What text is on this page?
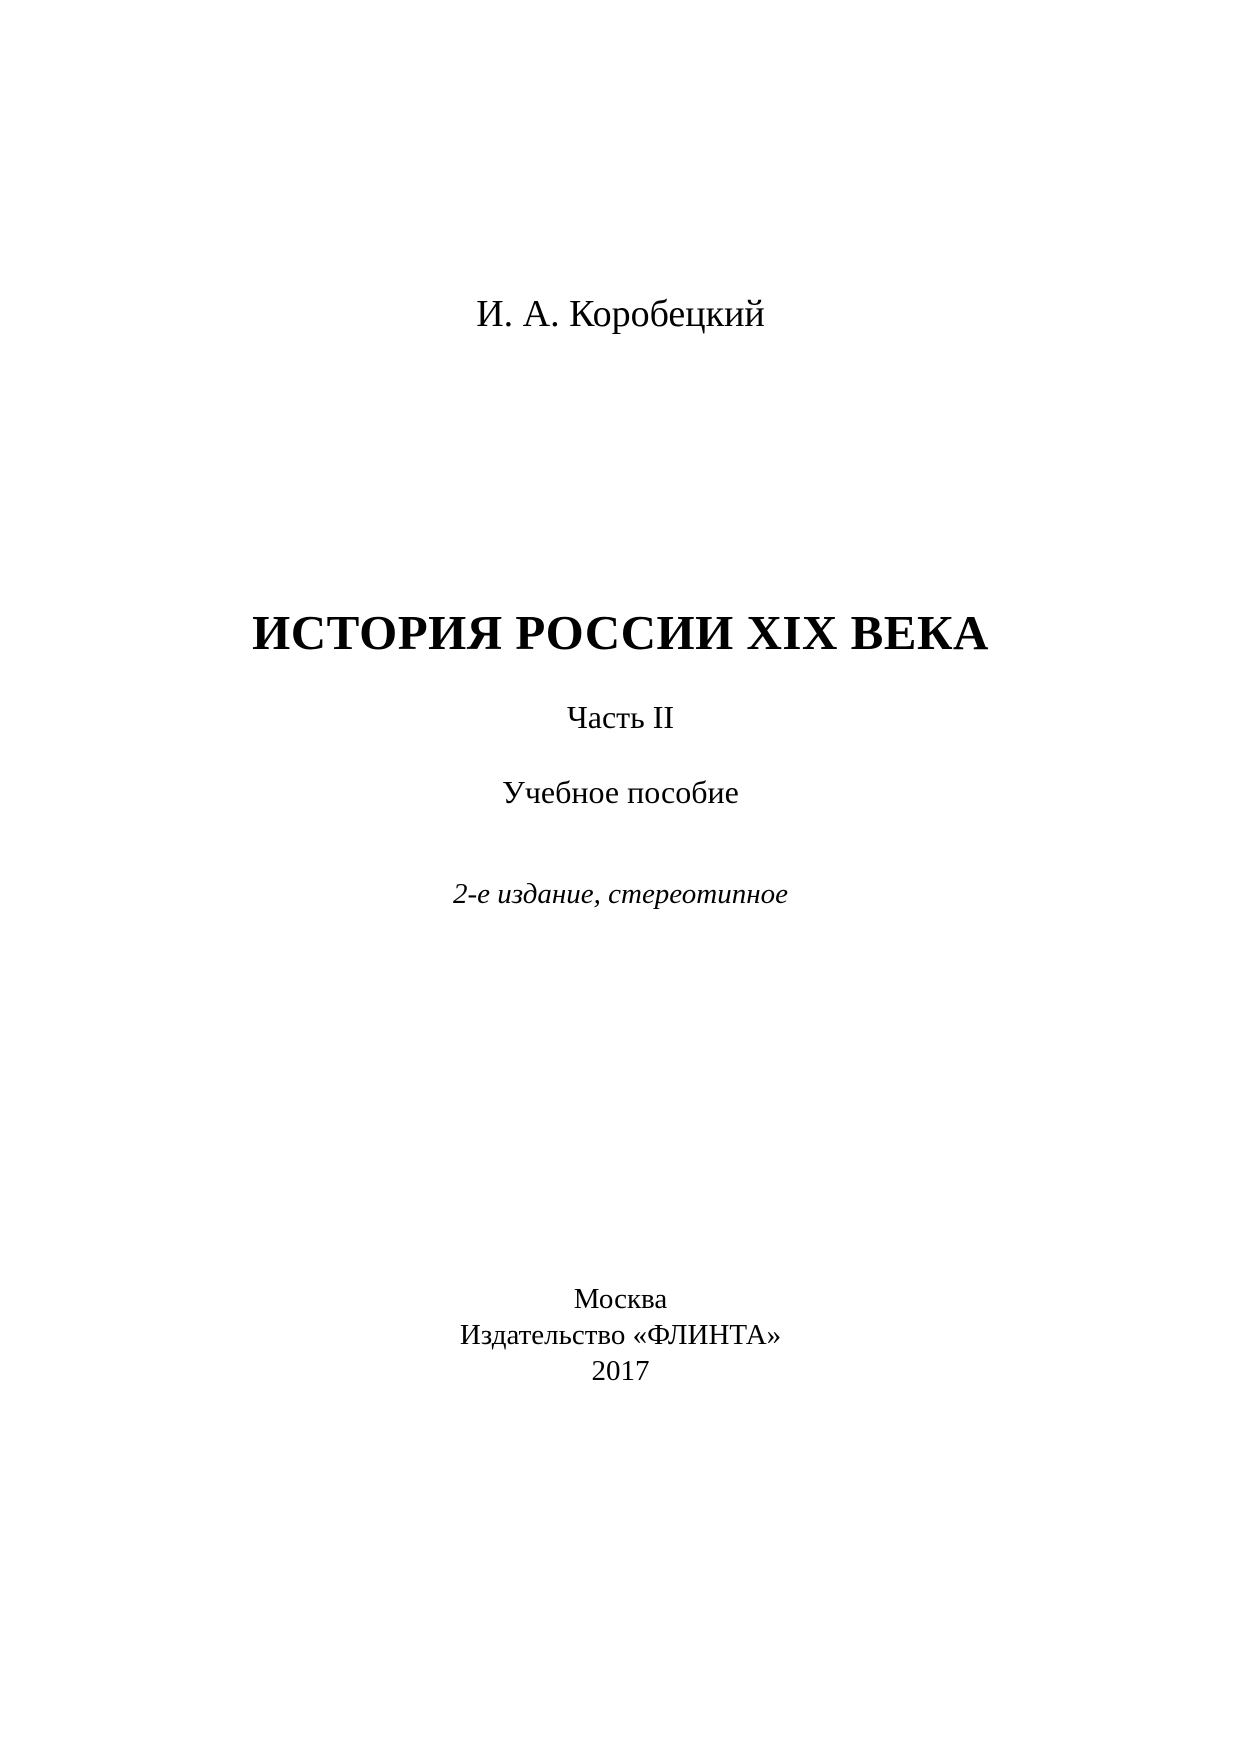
И. А. Коробецкий
ИСТОРИЯ РОССИИ XIX ВЕКА
Часть II
Учебное пособие
2-е издание, стереотипное
Москва
Издательство «ФЛИНТА»
2017
